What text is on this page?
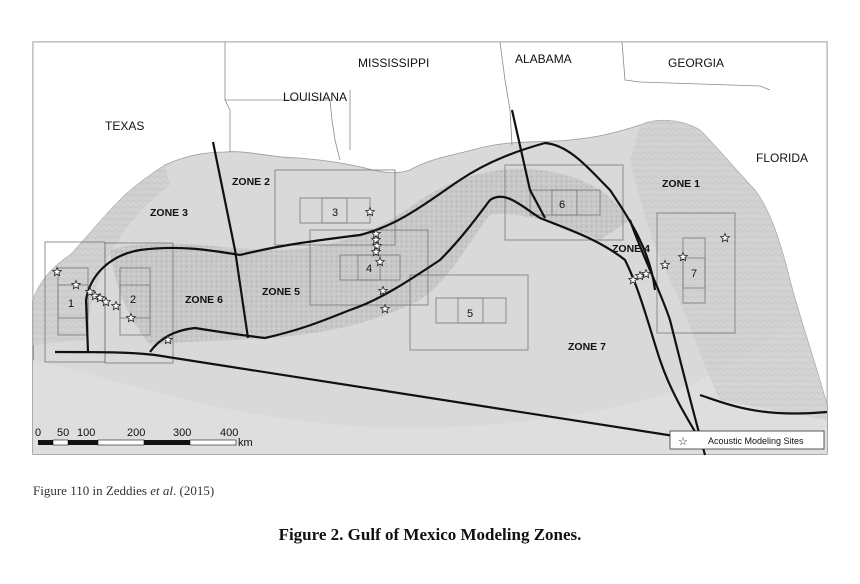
TEXAS
LOUISIANA
MISSISSIPPI	ALABAMA	GEORGIA
FLORIDA
ZONE 1
ZONE 2
ZONE 3
ZONE 4
ZONE 5
ZONE 6
ZONE 7
1	2
3
4
5
6
7
0 50 100	200	300	400
km	☆ Acoustic Modeling Sites
Figure 110 in Zeddies et al. (2015)
Figure 2. Gulf of Mexico Modeling Zones.
